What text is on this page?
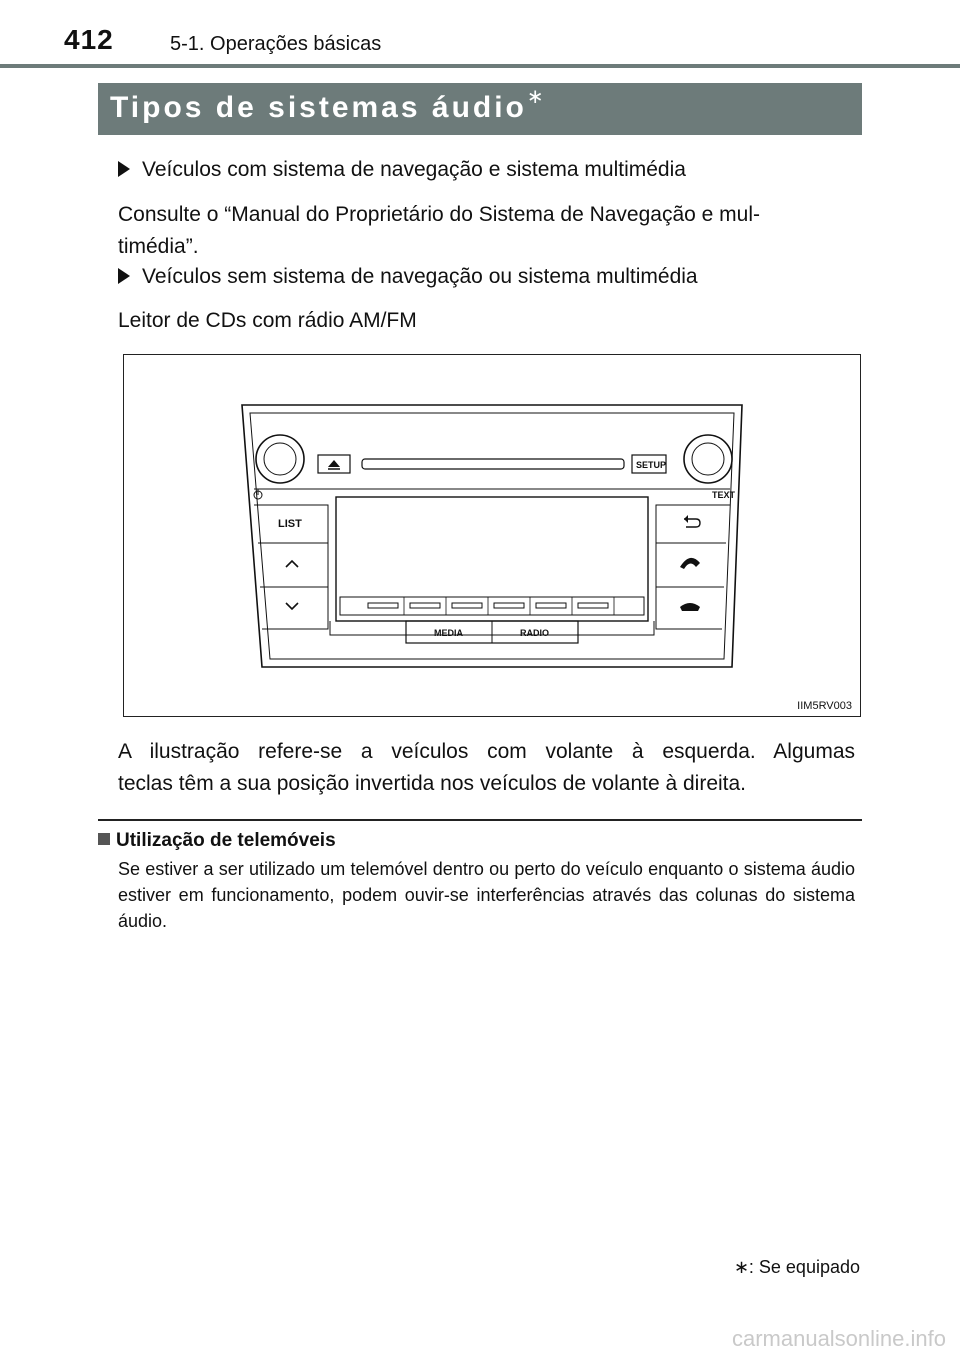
412	5-1. Operações básicas
Tipos de sistemas áudio∗
Veículos com sistema de navegação e sistema multimédia
Consulte o “Manual do Proprietário do Sistema de Navegação e mul-
timédia”.
Veículos sem sistema de navegação ou sistema multimédia
Leitor de CDs com rádio AM/FM
SETUP
TEXT
LIST
MEDIA	RADIO
IIM5RV003
A ilustração refere-se a veículos com volante à esquerda. Algumas
teclas têm a sua posição invertida nos veículos de volante à direita.
Utilização de telemóveis
Se estiver a ser utilizado um telemóvel dentro ou perto do veículo enquanto o sistema áudio estiver em funcionamento, podem ouvir-se interferências através das colunas do sistema áudio.
∗: Se equipado
carmanualsonline.info
